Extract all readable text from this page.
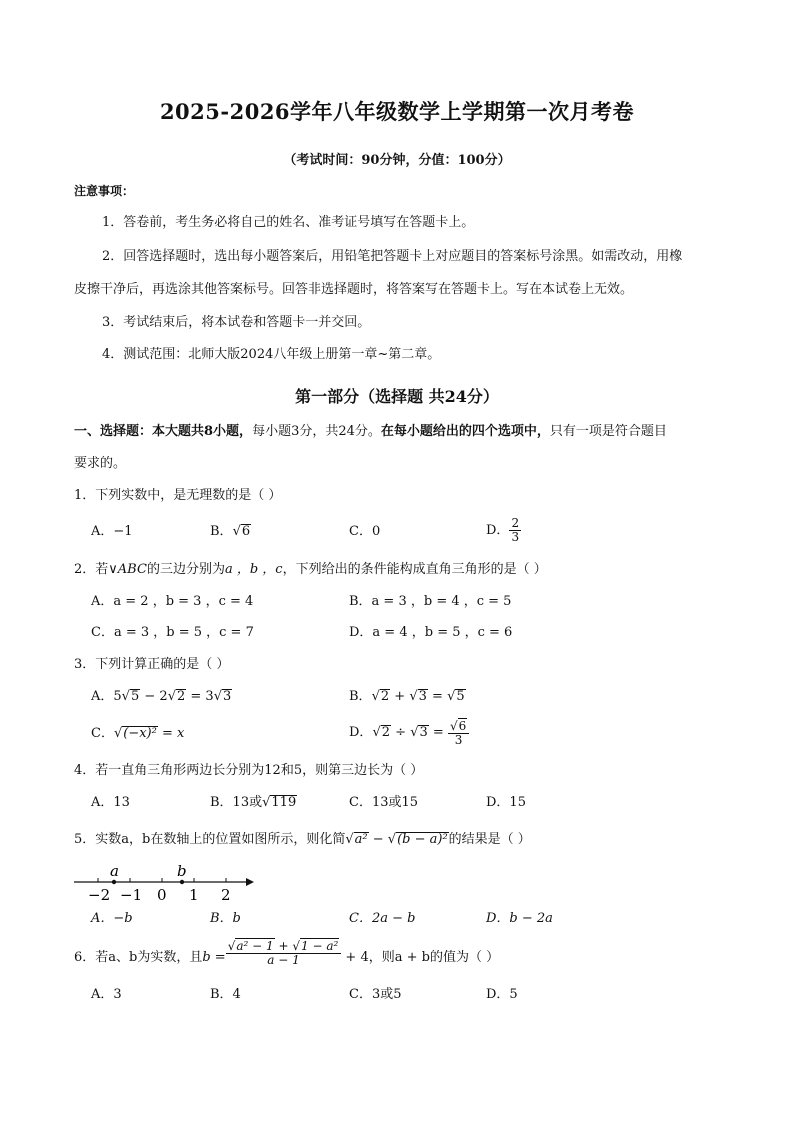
2025-2026学年八年级数学上学期第一次月考卷
（考试时间：90分钟，分值：100分）
注意事项：
1．答卷前，考生务必将自己的姓名、准考证号填写在答题卡上。
2．回答选择题时，选出每小题答案后，用铅笔把答题卡上对应题目的答案标号涂黑。如需改动，用橡
皮擦干净后，再选涂其他答案标号。回答非选择题时，将答案写在答题卡上。写在本试卷上无效。
3．考试结束后，将本试卷和答题卡一并交回。
4．测试范围：北师大版2024八年级上册第一章~第二章。
第一部分（选择题 共24分）
一、选择题：本大题共8小题，每小题3分，共24分。在每小题给出的四个选项中，只有一项是符合题目
要求的。
1．下列实数中，是无理数的是（ ）
A．−1	B．√6	C．0	D． $\frac{2}{3}$
2．若∨ABC的三边分别为a ，b ，c，下列给出的条件能构成直角三角形的是（ ）
A．a = 2 ，b = 3 ，c = 4	B．a = 3 ，b = 4 ，c = 5
C．a = 3 ，b = 5 ，c = 7	D．a = 4 ，b = 5 ，c = 6
3．下列计算正确的是（ ）
A．5√5 − 2√2 = 3√3	B．√2 + √3 = √5
C．√(−x)² = x	D．$√2 \div √3 = \frac{√6}{3}$
4．若一直角三角形两边长分别为12和5，则第三边长为（ ）
A．13	B．13或√119	C．13或15	D．15
5．实数a，b在数轴上的位置如图所示，则化简√a² − √(b − a)²的结果是（ ）
a	b
−2 −1 0 1 2
A．−b	B．b	C．2a − b	D．b − 2a
6．若a、b为实数，且$b = \frac{\text{√a² − 1 + √1 − a²}}{a - 1} + 4$，则a + b的值为（ ）
A．3	B．4	C．3或5	D．5
